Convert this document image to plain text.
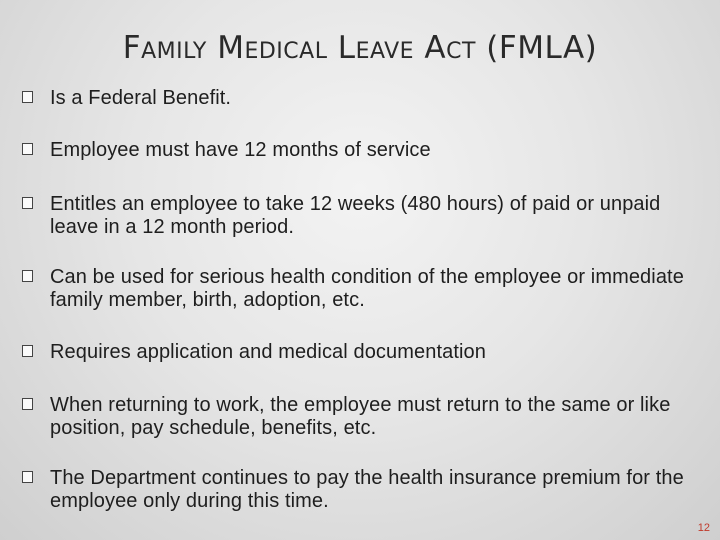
Family Medical Leave Act (FMLA)
Is a Federal Benefit.
Employee must have 12 months of service
Entitles an employee to take 12 weeks (480 hours) of paid or unpaid leave in a 12 month period.
Can be used for serious health condition of the employee or immediate family member, birth, adoption, etc.
Requires application and medical documentation
When returning to work, the employee must return to the same or like position, pay schedule, benefits, etc.
The Department continues to pay the health insurance premium for the employee only during this time.
12
